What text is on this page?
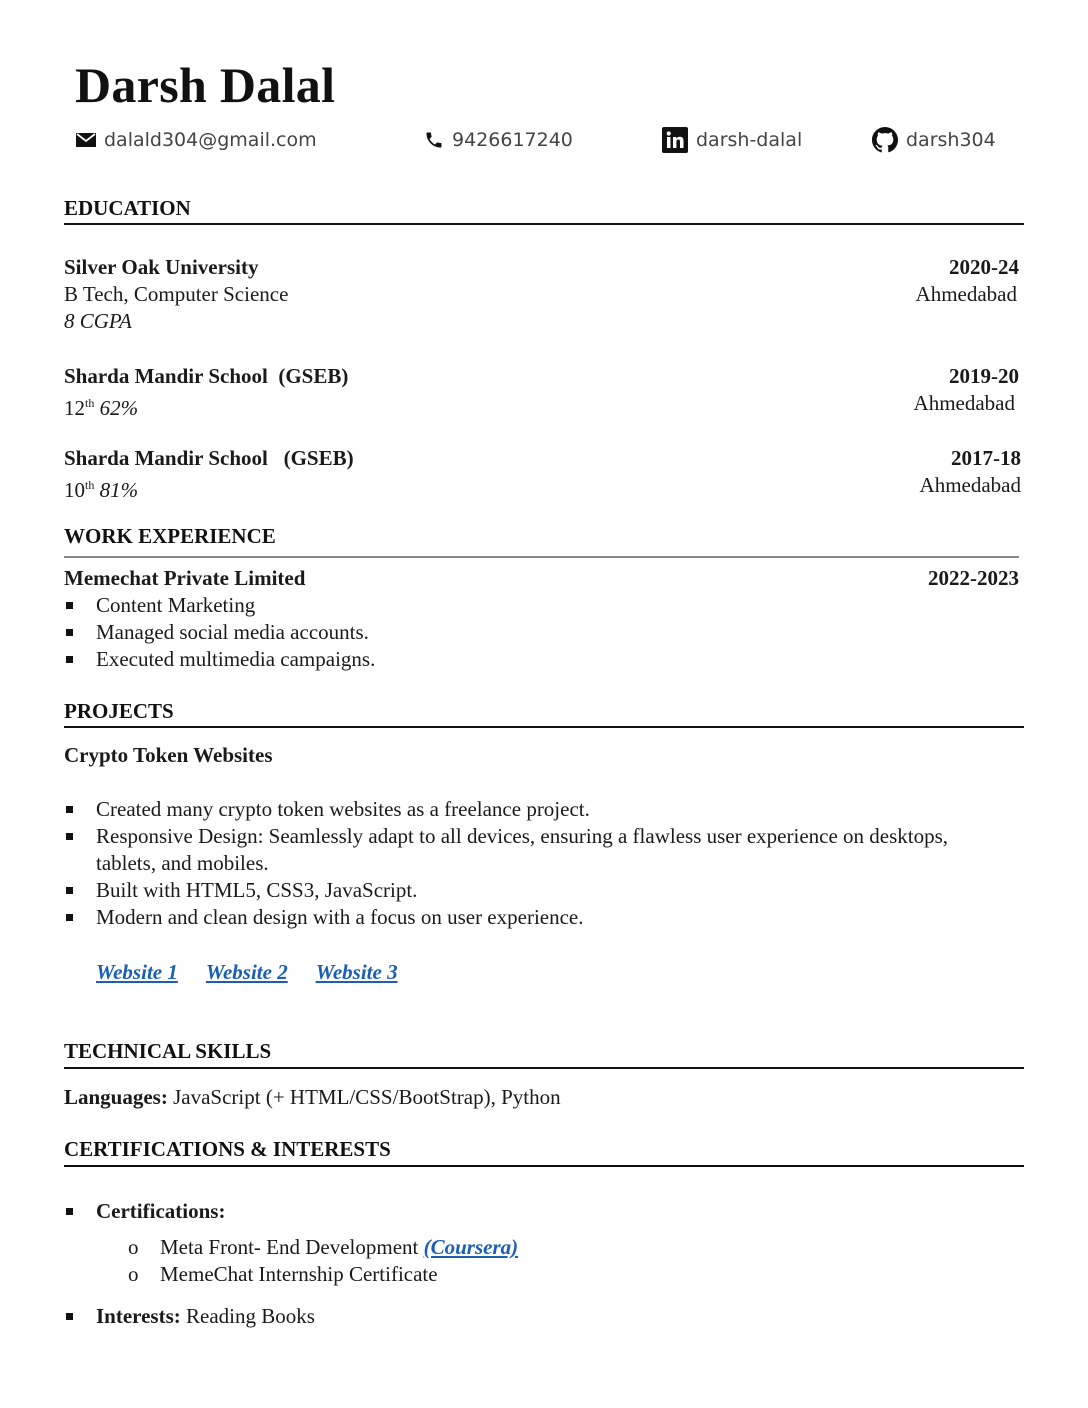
Darsh Dalal
dalald304@gmail.com	9426617240	darsh-dalal	darsh304
EDUCATION
Silver Oak University	2020-24
B Tech, Computer Science	Ahmedabad
8 CGPA
Sharda Mandir School  (GSEB)	2019-20
12th 62%	Ahmedabad
Sharda Mandir School   (GSEB)	2017-18
10th 81%	Ahmedabad
WORK EXPERIENCE
Memechat Private Limited	2022-2023
Content Marketing
Managed social media accounts.
Executed multimedia campaigns.
PROJECTS
Crypto Token Websites
Created many crypto token websites as a freelance project.
Responsive Design: Seamlessly adapt to all devices, ensuring a flawless user experience on desktops, tablets, and mobiles.
Built with HTML5, CSS3, JavaScript.
Modern and clean design with a focus on user experience.
Website 1 Website 2 Website 3
TECHNICAL SKILLS
Languages: JavaScript (+ HTML/CSS/BootStrap), Python
CERTIFICATIONS & INTERESTS
Certifications:
o Meta Front- End Development (Coursera)
o MemeChat Internship Certificate
Interests: Reading Books
